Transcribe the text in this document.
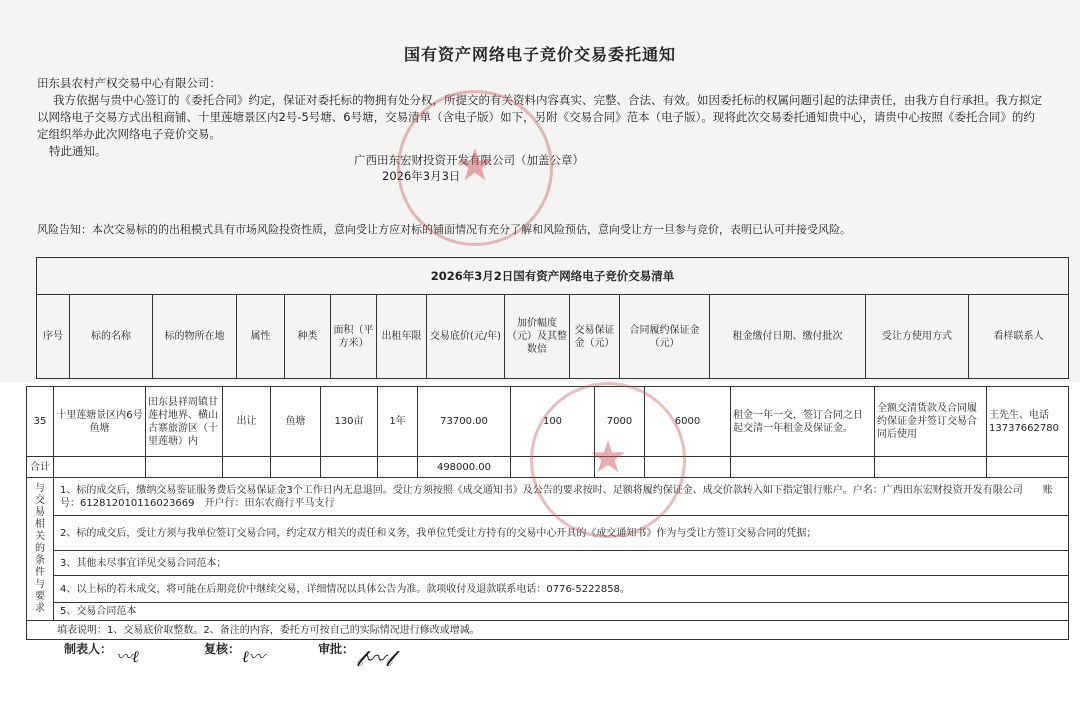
国有资产网络电子竞价交易委托通知
田东县农村产权交易中心有限公司：
我方依据与贵中心签订的《委托合同》约定，保证对委托标的物拥有处分权，所提交的有关资料内容真实、完整、合法、有效。如因委托标的权属问题引起的法律责任，由我方自行承担。我方拟定
以网络电子交易方式出租商铺、十里莲塘景区内2号-5号塘、6号塘，交易清单（含电子版）如下，另附《交易合同》范本（电子版）。现将此次交易委托通知贵中心，请贵中心按照《委托合同》的约
定组织举办此次网络电子竞价交易。
特此通知。
广西田东宏财投资开发有限公司（加盖公章）
2026年3月3日
风险告知：本次交易标的的出租模式具有市场风险投资性质，意向受让方应对标的铺面情况有充分了解和风险预估，意向受让方一旦参与竞价，表明已认可并接受风险。
★
2026年3月2日国有资产网络电子竞价交易清单
序号	标的名称	标的物所在地	属性	种类	面积（平方米）	出租年限	交易底价(元/年)	加价幅度（元）及其整数倍	交易保证金（元）	合同履约保证金（元）	租金缴付日期、缴付批次	受让方使用方式	看样联系人
35	十里莲塘景区内6号鱼塘	田东县祥周镇甘莲村地界、横山古寨旅游区（十里莲塘）内	出让	鱼塘	130亩	1年	73700.00	100	7000	6000	租金一年一交，签订合同之日起交清一年租金及保证金。	全额交清货款及合同履约保证金并签订交易合同后使用	王先生、电话13737662780
合计							498000.00						
与交易相关的条件与要求	1、标的成交后，缴纳交易鉴证服务费后交易保证金3个工作日内无息退回。受让方须按照《成交通知书》及公告的要求按时、足额将履约保证金、成交价款转入如下指定银行账户。户名：广西田东宏财投资开发有限公司　　账
号：612812010116023669　开户行：田东农商行平马支行												

	2、标的成交后，受让方须与我单位签订交易合同，约定双方相关的责任和义务，我单位凭受让方持有的交易中心开具的《成交通知书》作为与受让方签订交易合同的凭据；												
	3、其他未尽事宜详见交易合同范本；												
	4、以上标的若未成交，将可能在后期竞价中继续交易，详细情况以具体公告为准。款项收付及退款联系电话：0776-5222858。												
	5、交易合同范本												
填表说明：1、交易底价取整数。2、备注的内容，委托方可按自己的实际情况进行修改或增减。													
★
制表人： 〰ℓ	复核： ℓ〰	审批： 𝓁〰𝓁
